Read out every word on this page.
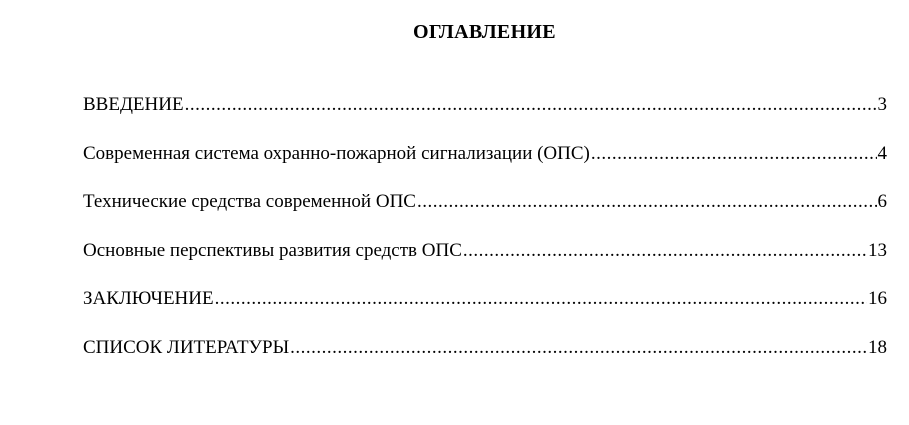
ОГЛАВЛЕНИЕ
ВВЕДЕНИЕ .....	3
Современная система охранно-пожарной сигнализации (ОПС) .....	4
Технические средства современной ОПС .....	6
Основные перспективы развития средств ОПС .....	13
ЗАКЛЮЧЕНИЕ .....	16
СПИСОК ЛИТЕРАТУРЫ .....	18
